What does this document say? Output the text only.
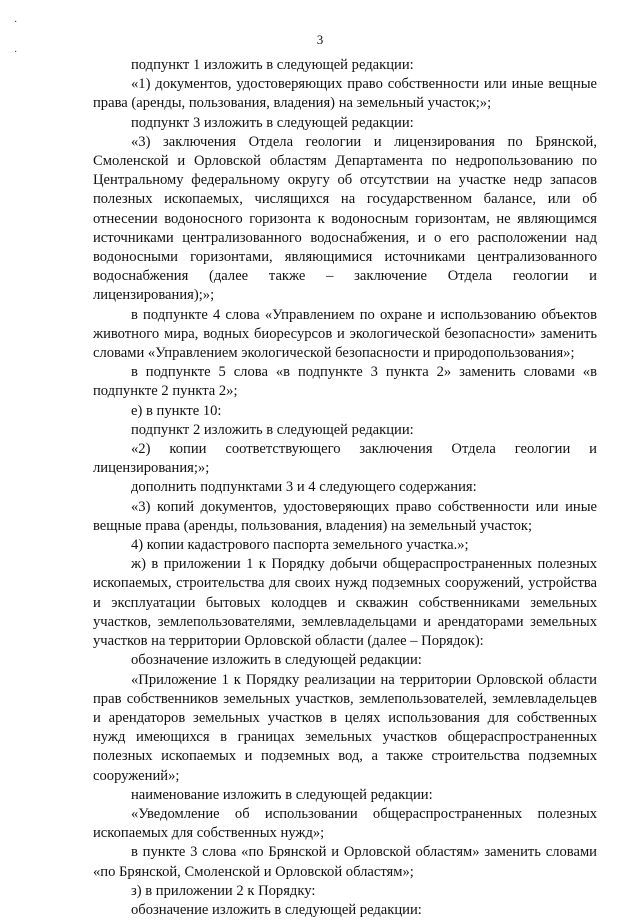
·
·
3

подпункт 1 изложить в следующей редакции:

«1) документов, удостоверяющих право собственности или иные вещные права (аренды, пользования, владения) на земельный участок;»;

подпункт 3 изложить в следующей редакции:

«3) заключения Отдела геологии и лицензирования по Брянской, Смоленской и Орловской областям Департамента по недропользованию по Центральному федеральному округу об отсутствии на участке недр запасов полезных ископаемых, числящихся на государственном балансе, или об отнесении водоносного горизонта к водоносным горизонтам, не являющимся источниками централизованного водоснабжения, и о его расположении над водоносными горизонтами, являющимися источниками централизованного водоснабжения (далее также – заключение Отдела геологии и лицензирования);»;

в подпункте 4 слова «Управлением по охране и использованию объектов животного мира, водных биоресурсов и экологической безопасности» заменить словами «Управлением экологической безопасности и природопользования»;

в подпункте 5 слова «в подпункте 3 пункта 2» заменить словами «в подпункте 2 пункта 2»;

е) в пункте 10:

подпункт 2 изложить в следующей редакции:

«2) копии соответствующего заключения Отдела геологии и лицензирования;»;

дополнить подпунктами 3 и 4 следующего содержания:

«3) копий документов, удостоверяющих право собственности или иные вещные права (аренды, пользования, владения) на земельный участок;

4) копии кадастрового паспорта земельного участка.»;

ж) в приложении 1 к Порядку добычи общераспространенных полезных ископаемых, строительства для своих нужд подземных сооружений, устройства и эксплуатации бытовых колодцев и скважин собственниками земельных участков, землепользователями, землевладельцами и арендаторами земельных участков на территории Орловской области (далее – Порядок):

обозначение изложить в следующей редакции:

«Приложение 1 к Порядку реализации на территории Орловской области прав собственников земельных участков, землепользователей, землевладельцев и арендаторов земельных участков в целях использования для собственных нужд имеющихся в границах земельных участков общераспространенных полезных ископаемых и подземных вод, а также строительства подземных сооружений»;

наименование изложить в следующей редакции:

«Уведомление об использовании общераспространенных полезных ископаемых для собственных нужд»;

в пункте 3 слова «по Брянской и Орловской областям» заменить словами «по Брянской, Смоленской и Орловской областям»;

з) в приложении 2 к Порядку:

обозначение изложить в следующей редакции:
